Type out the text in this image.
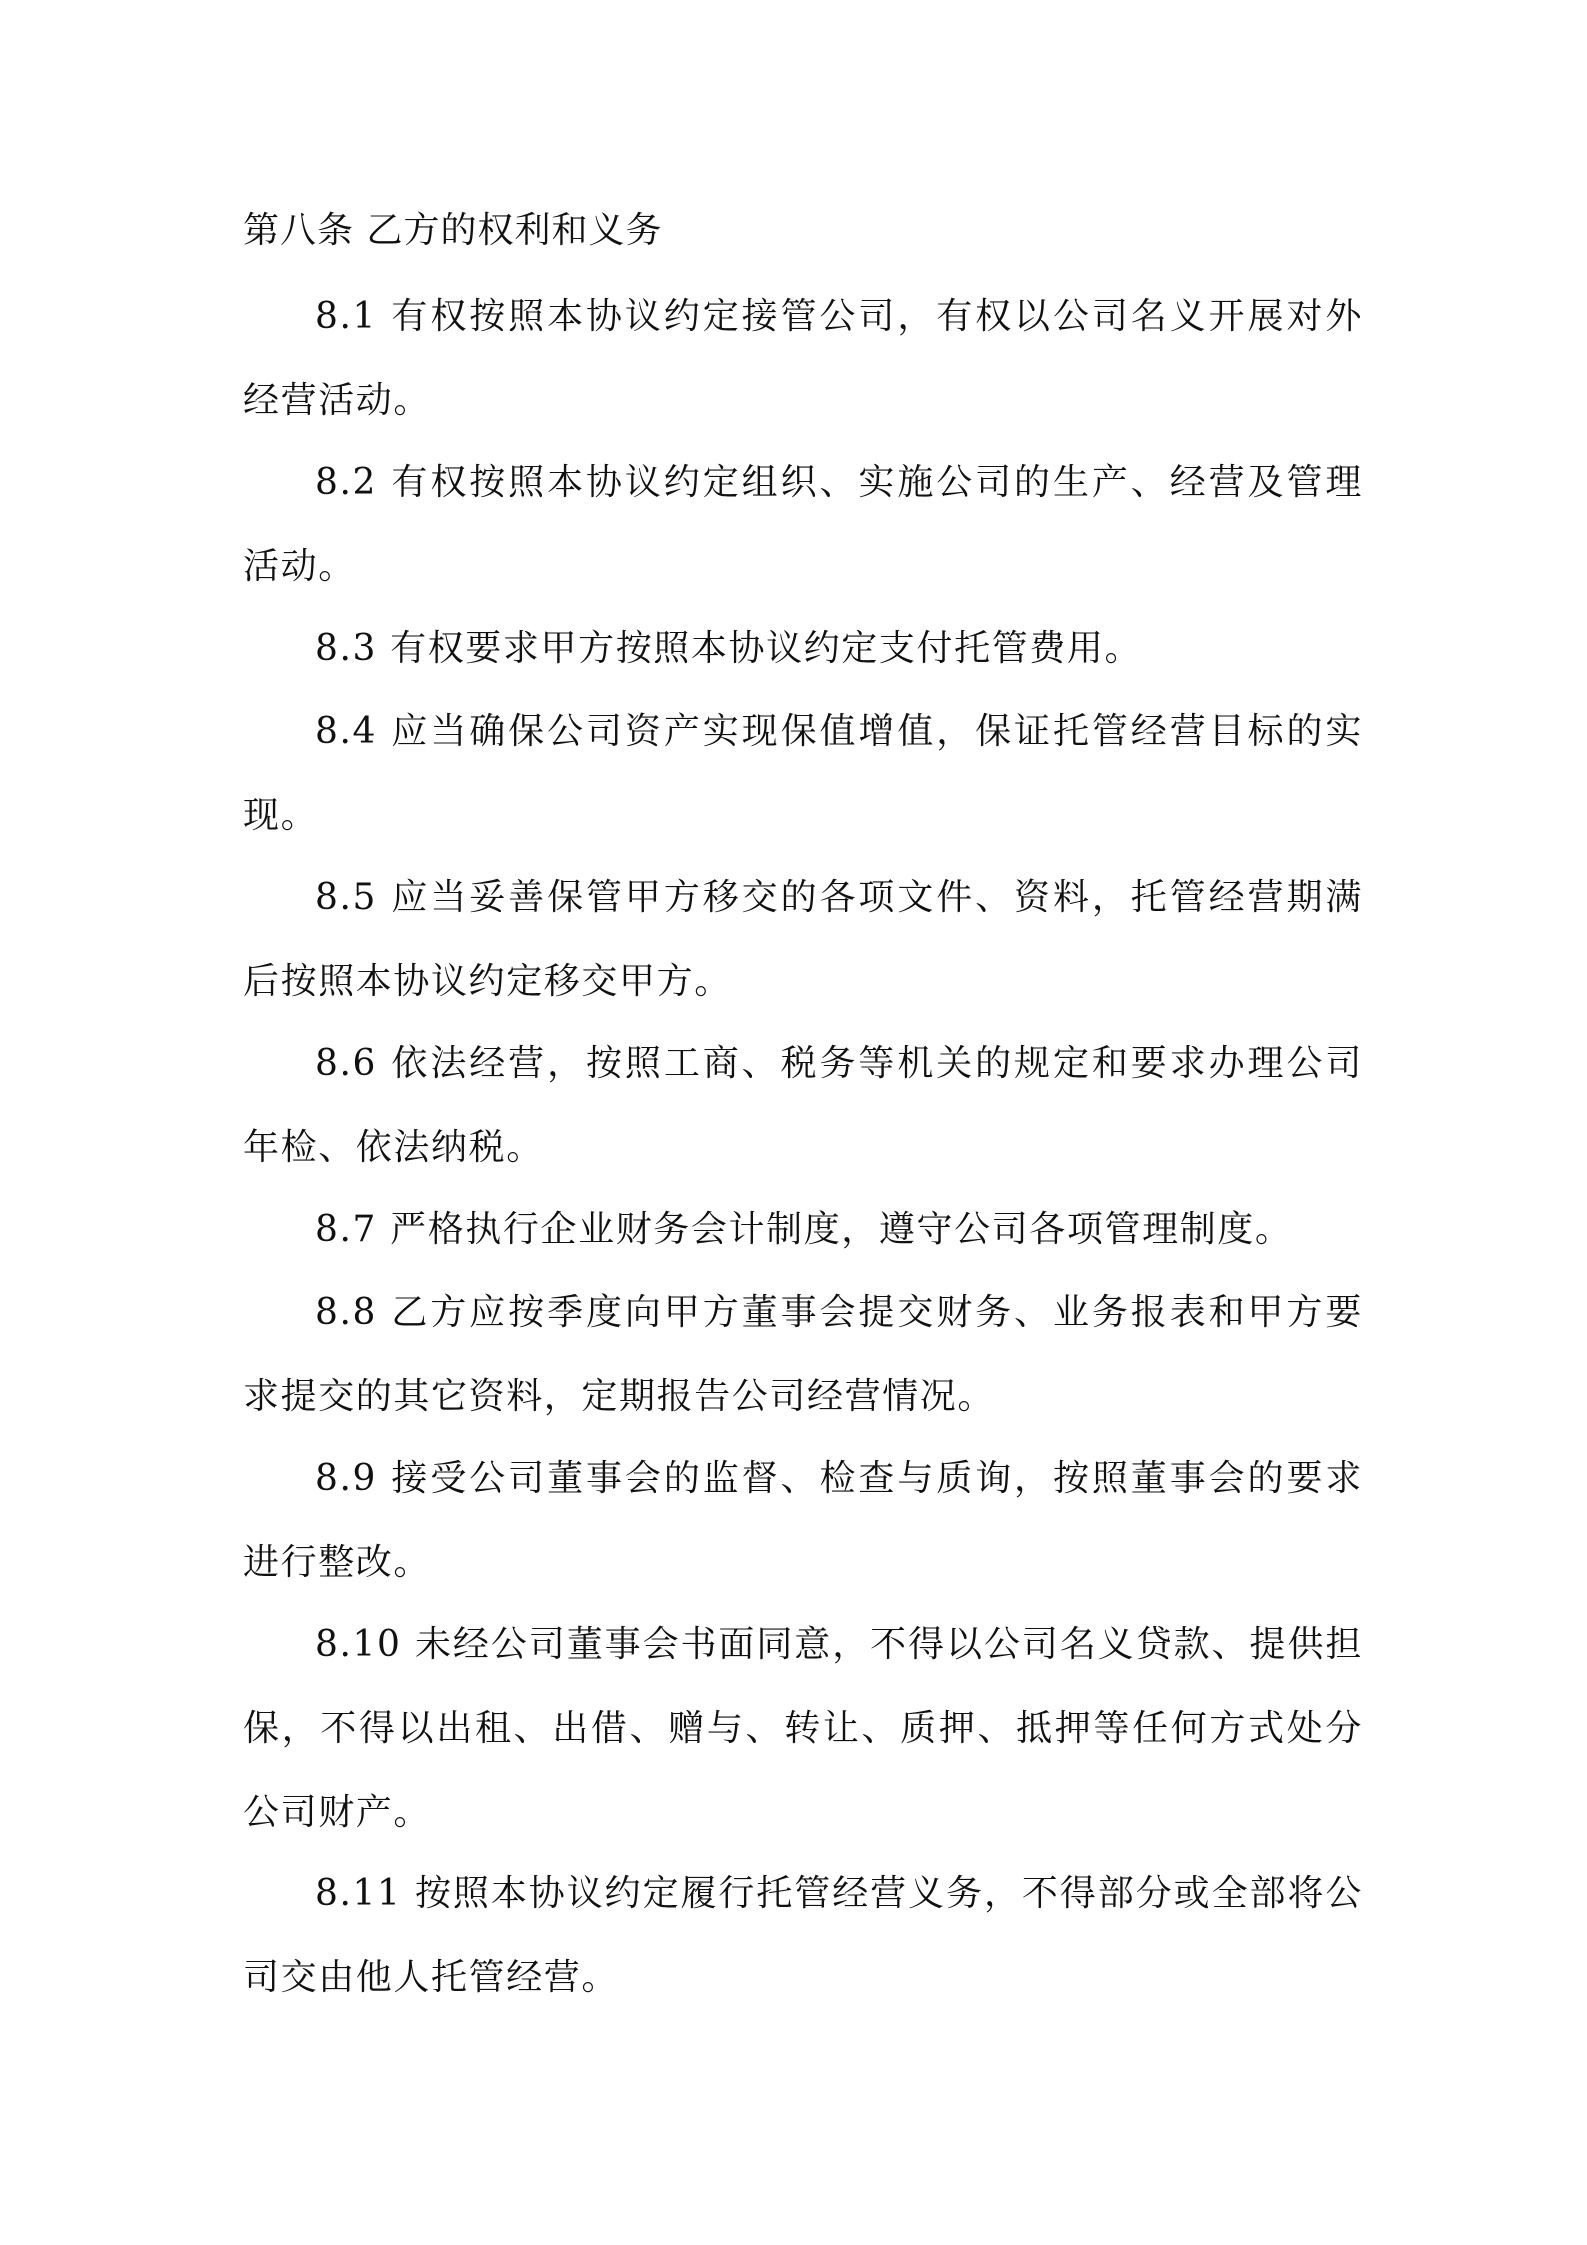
第八条 乙方的权利和义务

8.1 有权按照本协议约定接管公司，有权以公司名义开展对外经营活动。

8.2 有权按照本协议约定组织、实施公司的生产、经营及管理活动。

8.3 有权要求甲方按照本协议约定支付托管费用。

8.4 应当确保公司资产实现保值增值，保证托管经营目标的实现。

8.5 应当妥善保管甲方移交的各项文件、资料，托管经营期满后按照本协议约定移交甲方。

8.6 依法经营，按照工商、税务等机关的规定和要求办理公司年检、依法纳税。

8.7 严格执行企业财务会计制度，遵守公司各项管理制度。

8.8 乙方应按季度向甲方董事会提交财务、业务报表和甲方要求提交的其它资料，定期报告公司经营情况。

8.9 接受公司董事会的监督、检查与质询，按照董事会的要求进行整改。

8.10 未经公司董事会书面同意，不得以公司名义贷款、提供担保，不得以出租、出借、赠与、转让、质押、抵押等任何方式处分公司财产。

8.11 按照本协议约定履行托管经营义务，不得部分或全部将公司交由他人托管经营。
